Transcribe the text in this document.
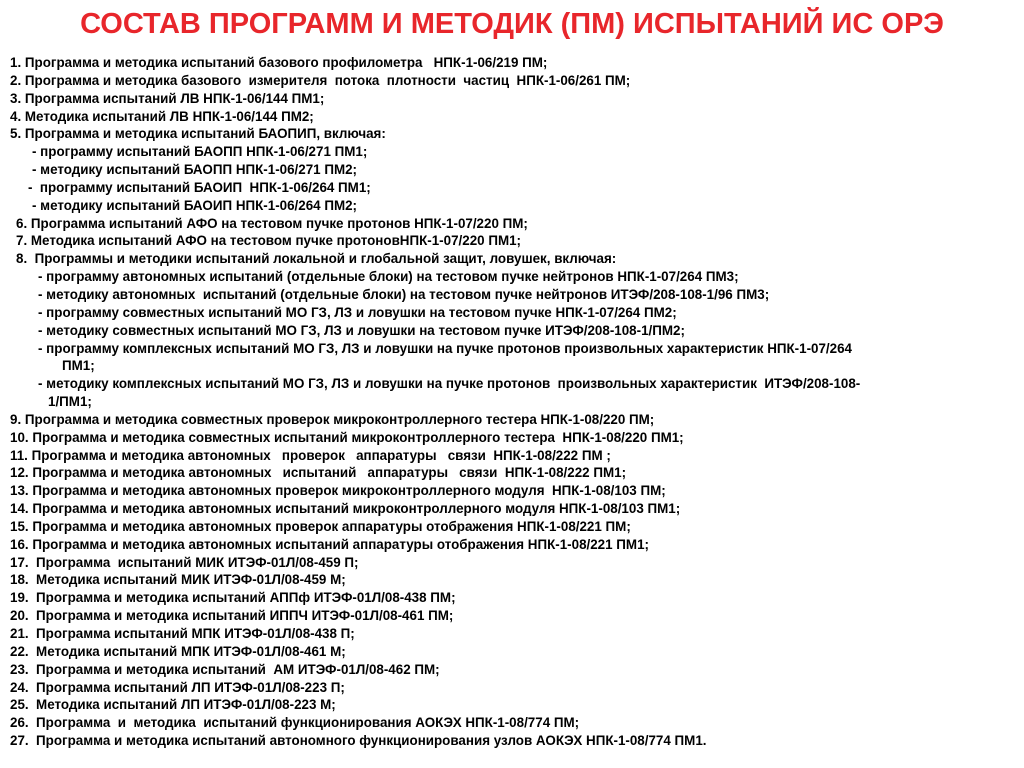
СОСТАВ ПРОГРАММ И МЕТОДИК (ПМ) ИСПЫТАНИЙ ИС ОРЭ
1. Программа и методика испытаний базового профилометра   НПК-1-06/219 ПМ;
2. Программа и методика базового  измерителя  потока  плотности  частиц  НПК-1-06/261 ПМ;
3. Программа испытаний ЛВ НПК-1-06/144 ПМ1;
4. Методика испытаний ЛВ НПК-1-06/144 ПМ2;
5. Программа и методика испытаний БАОПИП, включая:
- программу испытаний БАОПП НПК-1-06/271 ПМ1;
- методику испытаний БАОПП НПК-1-06/271 ПМ2;
-  программу испытаний БАОИП  НПК-1-06/264 ПМ1;
- методику испытаний БАОИП НПК-1-06/264 ПМ2;
6. Программа испытаний АФО на тестовом пучке протонов НПК-1-07/220 ПМ;
7. Методика испытаний АФО на тестовом пучке протоновНПК-1-07/220 ПМ1;
8.  Программы и методики испытаний локальной и глобальной защит, ловушек, включая:
- программу автономных испытаний (отдельные блоки) на тестовом пучке нейтронов НПК-1-07/264 ПМ3;
- методику автономных  испытаний (отдельные блоки) на тестовом пучке нейтронов ИТЭФ/208-108-1/96 ПМ3;
- программу совместных испытаний МО ГЗ, ЛЗ и ловушки на тестовом пучке НПК-1-07/264 ПМ2;
- методику совместных испытаний МО ГЗ, ЛЗ и ловушки на тестовом пучке ИТЭФ/208-108-1/ПМ2;
- программу комплексных испытаний МО ГЗ, ЛЗ и ловушки на пучке протонов произвольных характеристик НПК-1-07/264
ПМ1;
- методику комплексных испытаний МО ГЗ, ЛЗ и ловушки на пучке протонов  произвольных характеристик  ИТЭФ/208-108-
1/ПМ1;
9. Программа и методика совместных проверок микроконтроллерного тестера НПК-1-08/220 ПМ;
10. Программа и методика совместных испытаний микроконтроллерного тестера  НПК-1-08/220 ПМ1;
11. Программа и методика автономных   проверок   аппаратуры   связи  НПК-1-08/222 ПМ ;
12. Программа и методика автономных   испытаний   аппаратуры   связи  НПК-1-08/222 ПМ1;
13. Программа и методика автономных проверок микроконтроллерного модуля  НПК-1-08/103 ПМ;
14. Программа и методика автономных испытаний микроконтроллерного модуля НПК-1-08/103 ПМ1;
15. Программа и методика автономных проверок аппаратуры отображения НПК-1-08/221 ПМ;
16. Программа и методика автономных испытаний аппаратуры отображения НПК-1-08/221 ПМ1;
17.  Программа  испытаний МИК ИТЭФ-01Л/08-459 П;
18.  Методика испытаний МИК ИТЭФ-01Л/08-459 М;
19.  Программа и методика испытаний АППф ИТЭФ-01Л/08-438 ПМ;
20.  Программа и методика испытаний ИППЧ ИТЭФ-01Л/08-461 ПМ;
21.  Программа испытаний МПК ИТЭФ-01Л/08-438 П;
22.  Методика испытаний МПК ИТЭФ-01Л/08-461 М;
23.  Программа и методика испытаний  АМ ИТЭФ-01Л/08-462 ПМ;
24.  Программа испытаний ЛП ИТЭФ-01Л/08-223 П;
25.  Методика испытаний ЛП ИТЭФ-01Л/08-223 М;
26.  Программа  и  методика  испытаний функционирования АОКЭХ НПК-1-08/774 ПМ;
27.  Программа и методика испытаний автономного функционирования узлов АОКЭХ НПК-1-08/774 ПМ1.
